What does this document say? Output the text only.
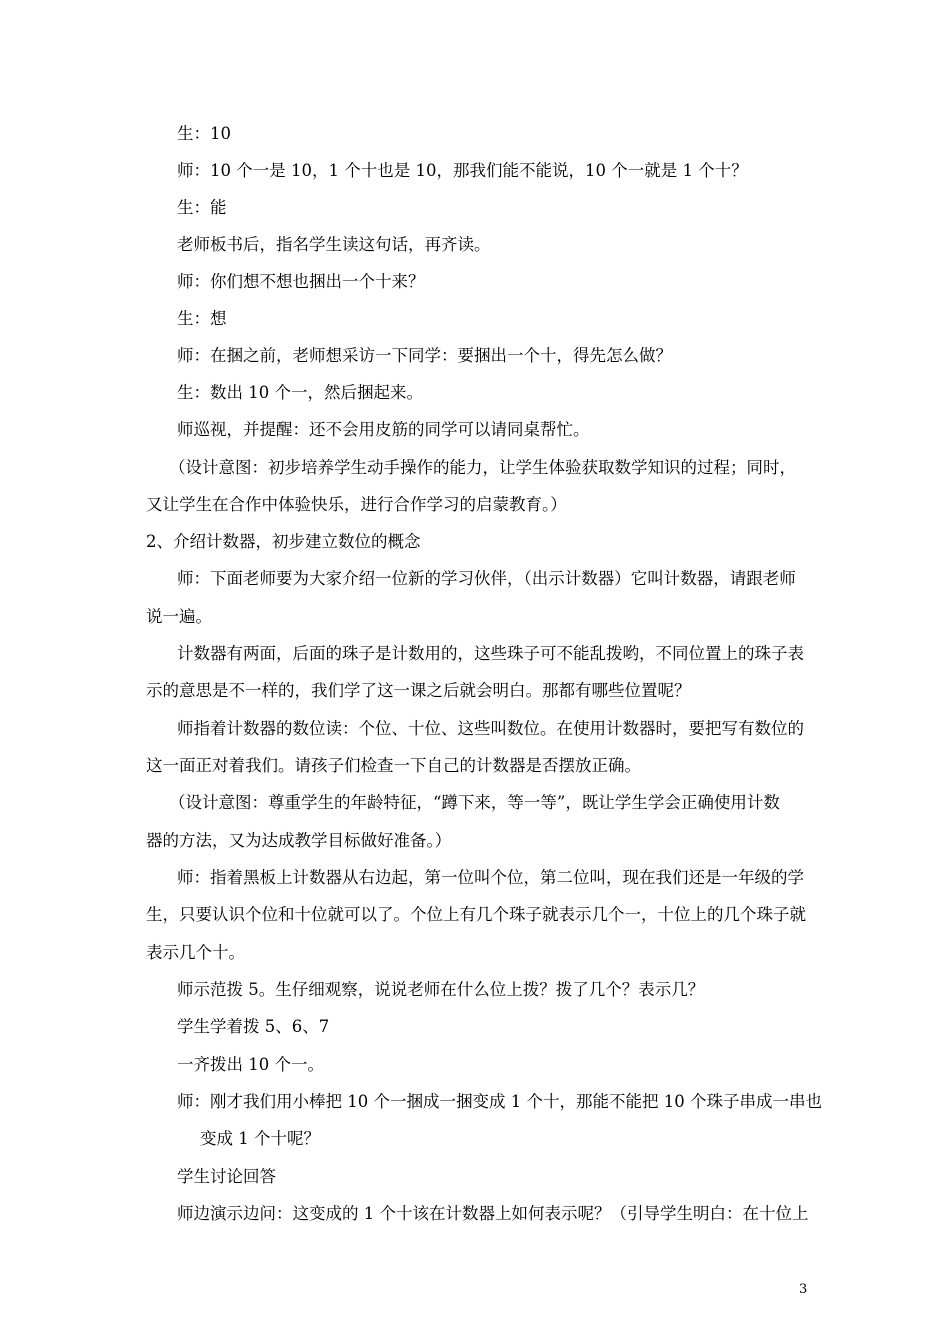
生：10
师：10 个一是 10，1 个十也是 10，那我们能不能说，10 个一就是 1 个十？
生：能
老师板书后，指名学生读这句话，再齐读。
师：你们想不想也捆出一个十来？
生：想
师：在捆之前，老师想采访一下同学：要捆出一个十，得先怎么做？
生：数出 10 个一，然后捆起来。
师巡视，并提醒：还不会用皮筋的同学可以请同桌帮忙。
（设计意图：初步培养学生动手操作的能力，让学生体验获取数学知识的过程；同时，
又让学生在合作中体验快乐，进行合作学习的启蒙教育。）
2、介绍计数器，初步建立数位的概念
师：下面老师要为大家介绍一位新的学习伙伴，（出示计数器）它叫计数器，请跟老师
说一遍。
计数器有两面，后面的珠子是计数用的，这些珠子可不能乱拨哟，不同位置上的珠子表
示的意思是不一样的，我们学了这一课之后就会明白。那都有哪些位置呢？
师指着计数器的数位读：个位、十位、这些叫数位。在使用计数器时，要把写有数位的
这一面正对着我们。请孩子们检查一下自己的计数器是否摆放正确。
（设计意图：尊重学生的年龄特征，“蹲下来，等一等”，既让学生学会正确使用计数
器的方法，又为达成教学目标做好准备。）
师：指着黑板上计数器从右边起，第一位叫个位，第二位叫，现在我们还是一年级的学
生，只要认识个位和十位就可以了。个位上有几个珠子就表示几个一，十位上的几个珠子就
表示几个十。
师示范拨 5。生仔细观察，说说老师在什么位上拨？拨了几个？表示几？
学生学着拨 5、6、7
一齐拨出 10 个一。
师：刚才我们用小棒把 10 个一捆成一捆变成 1 个十，那能不能把 10 个珠子串成一串也
变成 1 个十呢？
学生讨论回答
师边演示边问：这变成的 1 个十该在计数器上如何表示呢？（引导学生明白：在十位上
3
